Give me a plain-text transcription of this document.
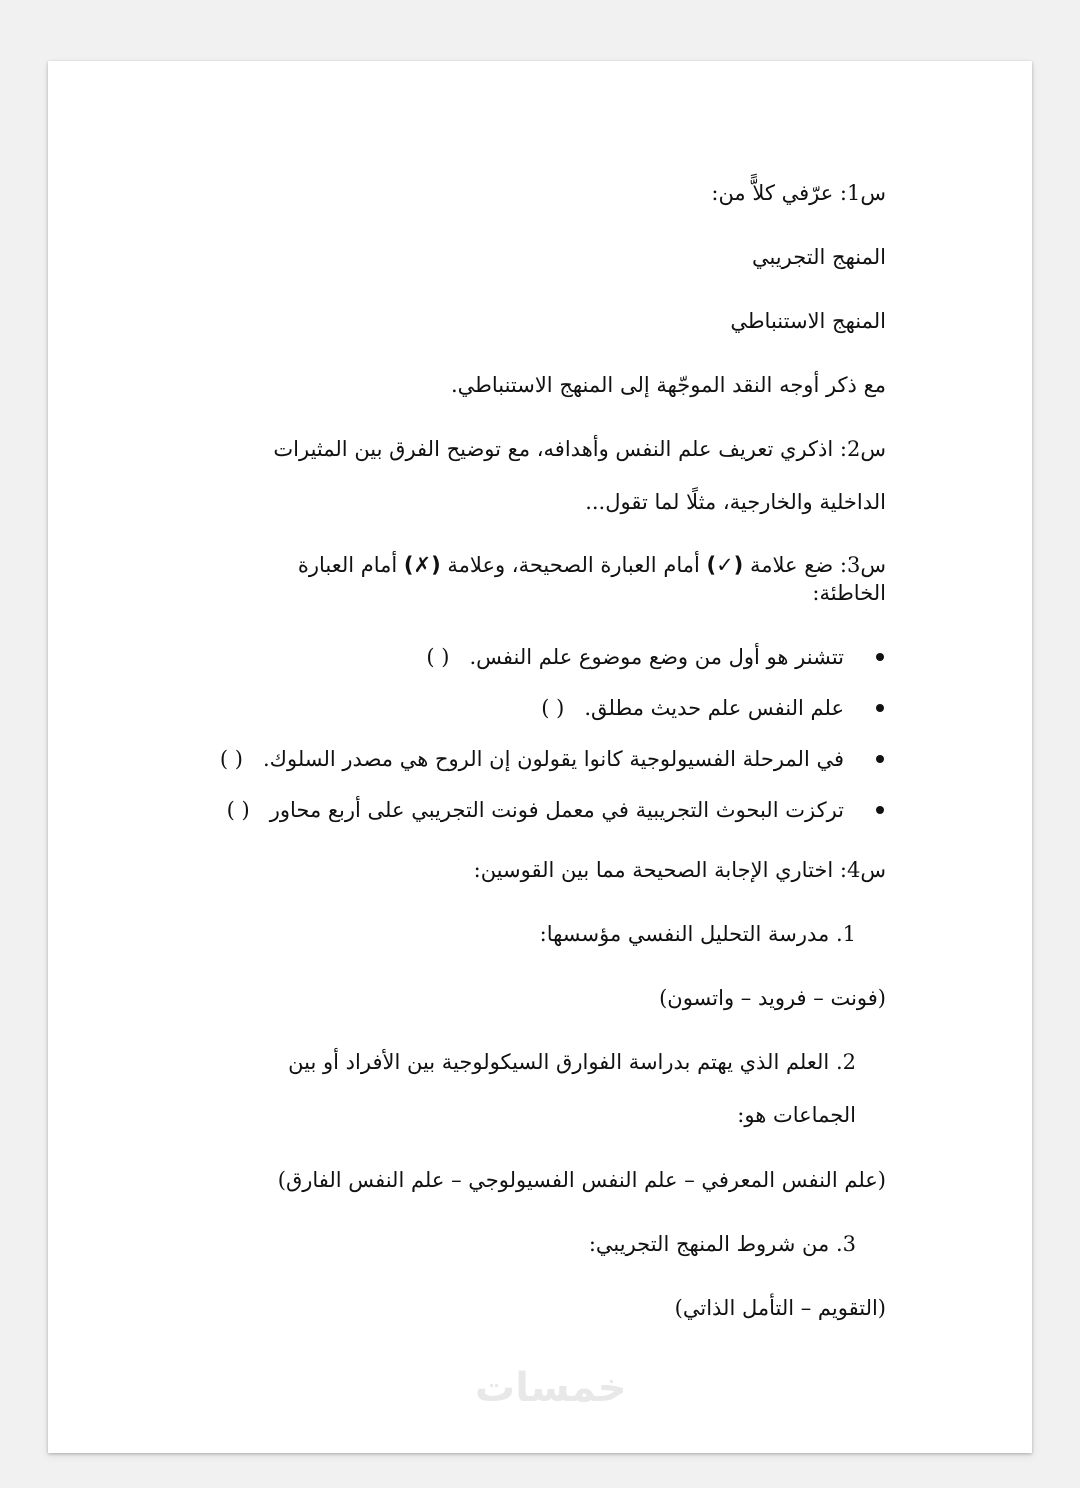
س1: عرّفي كلاًّ من:

المنهج التجريبي

المنهج الاستنباطي

مع ذكر أوجه النقد الموجّهة إلى المنهج الاستنباطي.

س2: اذكري تعريف علم النفس وأهدافه، مع توضيح الفرق بين المثيرات الداخلية والخارجية، مثلًا لما تقول...

س3: ضع علامة (✓) أمام العبارة الصحيحة، وعلامة (✗) أمام العبارة الخاطئة:

تتشنر هو أول من وضع موضوع علم النفس.   ( )
علم النفس علم حديث مطلق.   ( )
في المرحلة الفسيولوجية كانوا يقولون إن الروح هي مصدر السلوك.   ( )
تركزت البحوث التجريبية في معمل فونت التجريبي على أربع محاور   ( )

س4: اختاري الإجابة الصحيحة مما بين القوسين:

1. مدرسة التحليل النفسي مؤسسها:

(فونت – فرويد – واتسون)

2. العلم الذي يهتم بدراسة الفوارق السيكولوجية بين الأفراد أو بين الجماعات هو:

(علم النفس المعرفي – علم النفس الفسيولوجي – علم النفس الفارق)

3. من شروط المنهج التجريبي:

(التقويم – التأمل الذاتي)

خمسات
